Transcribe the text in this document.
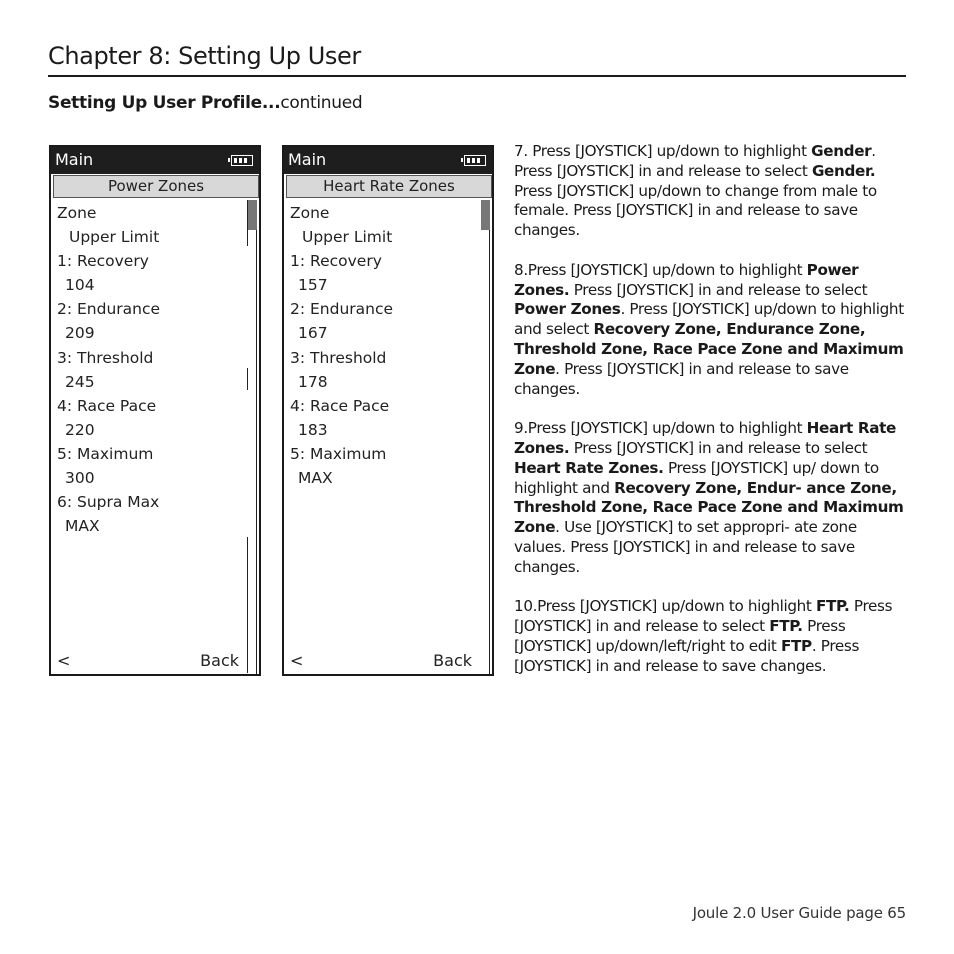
Chapter 8: Setting Up User
Setting Up User Profile...continued
Main
Power Zones
Zone
Upper Limit
1: Recovery
104
2: Endurance
209
3: Threshold
245
4: Race Pace
220
5: Maximum
300
6: Supra Max
MAX
<	Back
Main
Heart Rate Zones
Zone
Upper Limit
1: Recovery
157
2: Endurance
167
3: Threshold
178
4: Race Pace
183
5: Maximum
MAX
<	Back

7. Press [JOYSTICK] up/down to highlight Gender. Press [JOYSTICK] in and release to select Gender. Press [JOYSTICK] up/down to change from male to female. Press [JOYSTICK] in and release to save changes.

8.Press [JOYSTICK] up/down to highlight Power Zones. Press [JOYSTICK] in and release to select Power Zones. Press [JOYSTICK] up/down to highlight and select Recovery Zone, Endurance Zone, Threshold Zone, Race Pace Zone and Maximum Zone. Press [JOYSTICK] in and release to save changes.

9.Press [JOYSTICK] up/down to highlight Heart Rate Zones. Press [JOYSTICK] in and release to select Heart Rate Zones. Press [JOYSTICK] up/ down to highlight and Recovery Zone, Endur- ance Zone, Threshold Zone, Race Pace Zone and Maximum Zone. Use [JOYSTICK] to set appropri- ate zone values. Press [JOYSTICK] in and release to save changes.

10.Press [JOYSTICK] up/down to highlight FTP. Press [JOYSTICK] in and release to select FTP. Press [JOYSTICK] up/down/left/right to edit FTP. Press [JOYSTICK] in and release to save changes.

Joule 2.0 User Guide page 65
